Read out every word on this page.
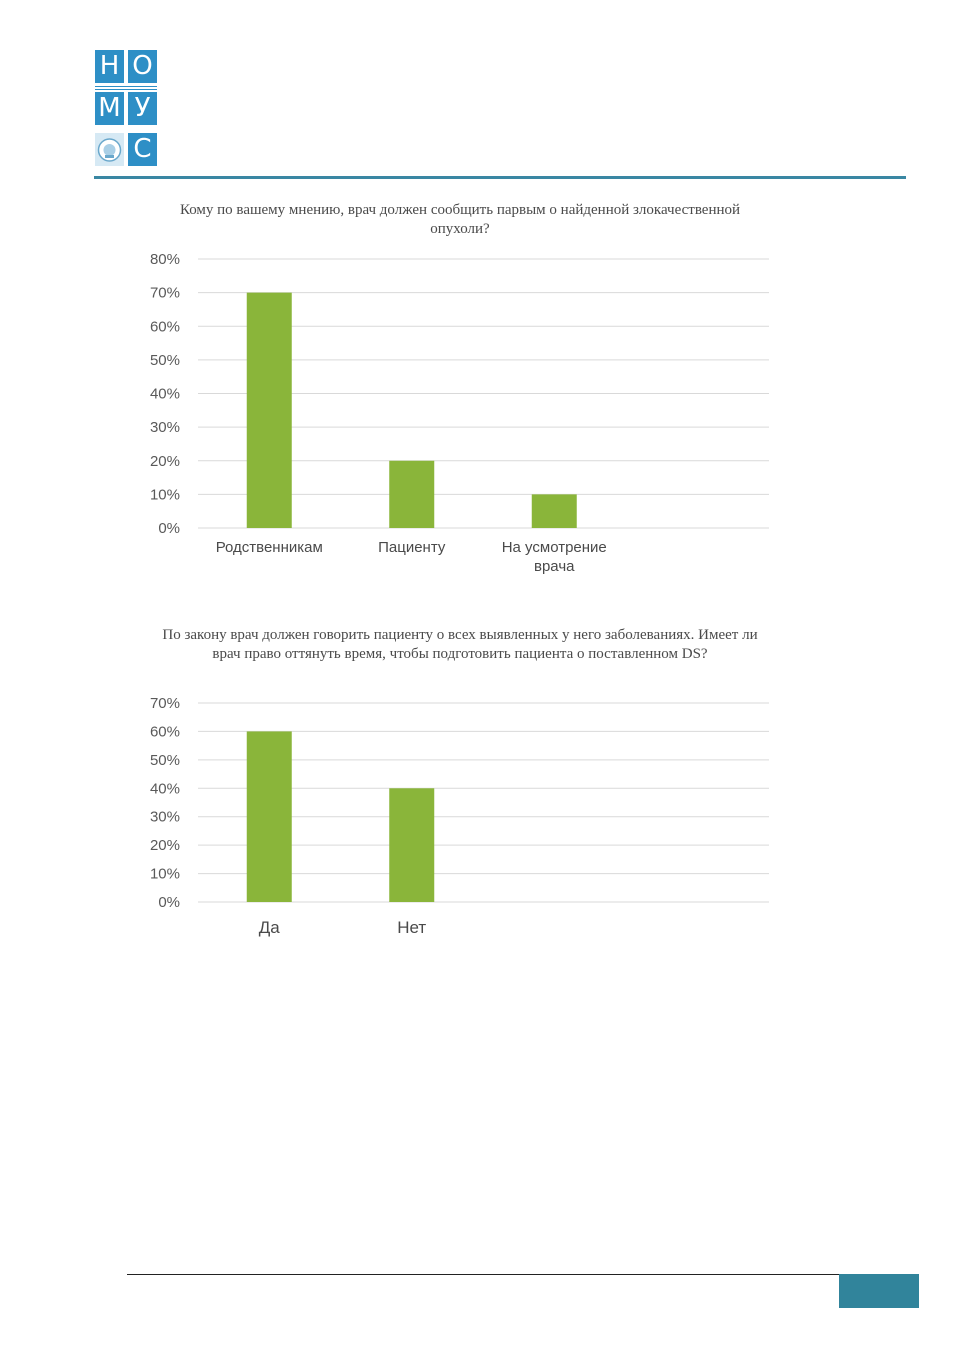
Н О
М У
С
Кому по вашему мнению, врач должен сообщить парвым о найденной злокачественной опухоли?
0%
10%
20%
30%
40%
50%
60%
70%
80%
Родственникам	Пациенту	На усмотрение врача
По закону врач должен говорить пациенту о всех выявленных у него заболеваниях. Имеет ли врач право оттянуть время, чтобы подготовить пациента о поставленном DS?
0%
10%
20%
30%
40%
50%
60%
70%
Да	Нет
